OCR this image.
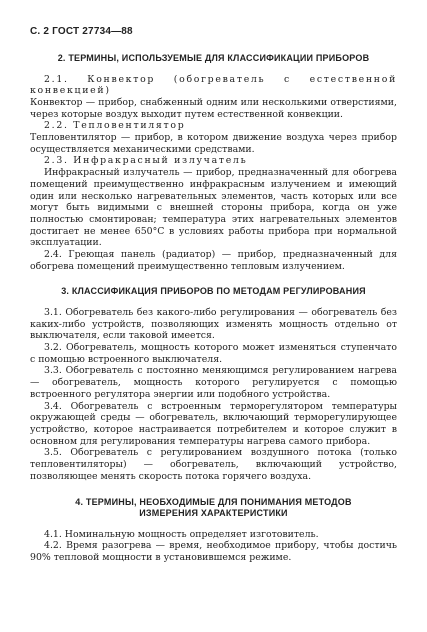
С. 2 ГОСТ 27734—88
2. ТЕРМИНЫ, ИСПОЛЬЗУЕМЫЕ ДЛЯ КЛАССИФИКАЦИИ ПРИБОРОВ

2.1. Конвектор (обогреватель с естественной конвекцией)

Конвектор — прибор, снабженный одним или несколькими отверстиями, через которые воздух выходит путем естественной конвекции.

2.2. Тепловентилятор

Тепловентилятор — прибор, в котором движение воздуха через прибор осуществляется механическими средствами.

2.3. Инфракрасный излучатель

Инфракрасный излучатель — прибор, предназначенный для обогрева помещений преимущественно инфракрасным излучением и имеющий один или несколько нагревательных элементов, часть которых или все могут быть видимыми с внешней стороны прибора, когда он уже полностью смонтирован; температура этих нагревательных элементов достигает не менее 650°С в условиях работы прибора при нормальной эксплуатации.

2.4. Греющая панель (радиатор) — прибор, предназначенный для обогрева помещений преимущественно тепловым излучением.

3. КЛАССИФИКАЦИЯ ПРИБОРОВ ПО МЕТОДАМ РЕГУЛИРОВАНИЯ

3.1. Обогреватель без какого-либо регулирования — обогреватель без каких-либо устройств, позволяющих изменять мощность отдельно от выключателя, если таковой имеется.

3.2. Обогреватель, мощность которого может изменяться ступенчато с помощью встроенного выключателя.

3.3. Обогреватель с постоянно меняющимся регулированием нагрева — обогреватель, мощность которого регулируется с помощью встроенного регулятора энергии или подобного устройства.

3.4. Обогреватель с встроенным терморегулятором температуры окружающей среды — обогреватель, включающий терморегулирующее устройство, которое настраивается потребителем и которое служит в основном для регулирования температуры нагрева самого прибора.

3.5. Обогреватель с регулированием воздушного потока (только тепловентиляторы) — обогреватель, включающий устройство, позволяющее менять скорость потока горячего воздуха.

4. ТЕРМИНЫ, НЕОБХОДИМЫЕ ДЛЯ ПОНИМАНИЯ МЕТОДОВ
ИЗМЕРЕНИЯ ХАРАКТЕРИСТИКИ

4.1. Номинальную мощность определяет изготовитель.

4.2. Время разогрева — время, необходимое прибору, чтобы достичь 90% тепловой мощности в установившемся режиме.
